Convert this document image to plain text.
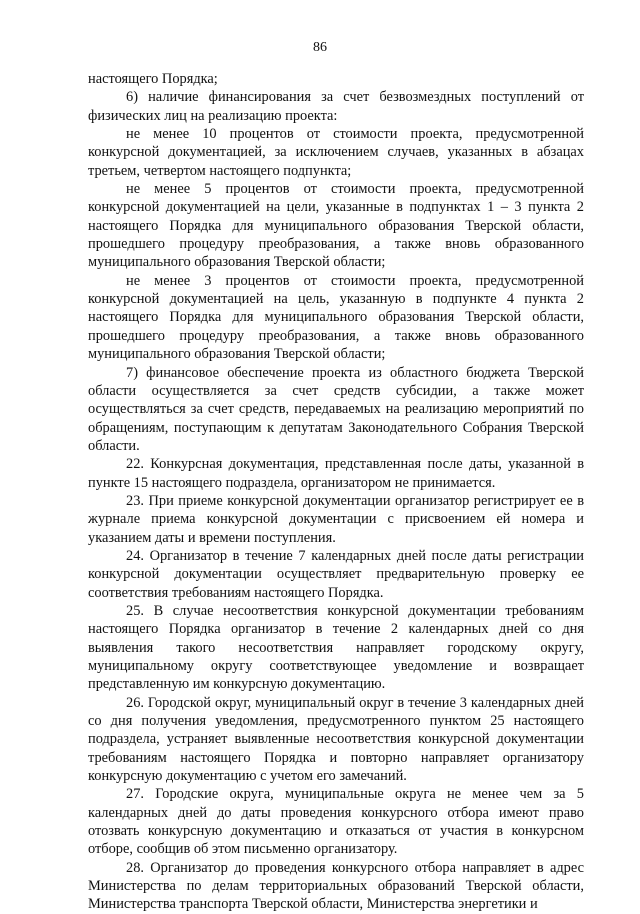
86

настоящего Порядка;

6) наличие финансирования за счет безвозмездных поступлений от физических лиц на реализацию проекта:

не менее 10 процентов от стоимости проекта, предусмотренной конкурсной документацией, за исключением случаев, указанных в абзацах третьем, четвертом настоящего подпункта;

не менее 5 процентов от стоимости проекта, предусмотренной конкурсной документацией на цели, указанные в подпунктах 1 – 3 пункта 2 настоящего Порядка для муниципального образования Тверской области, прошедшего процедуру преобразования, а также вновь образованного муниципального образования Тверской области;

не менее 3 процентов от стоимости проекта, предусмотренной конкурсной документацией на цель, указанную в подпункте 4 пункта 2 настоящего Порядка для муниципального образования Тверской области, прошедшего процедуру преобразования, а также вновь образованного муниципального образования Тверской области;

7) финансовое обеспечение проекта из областного бюджета Тверской области осуществляется за счет средств субсидии, а также может осуществляться за счет средств, передаваемых на реализацию мероприятий по обращениям, поступающим к депутатам Законодательного Собрания Тверской области.

22. Конкурсная документация, представленная после даты, указанной в пункте 15 настоящего подраздела, организатором не принимается.

23. При приеме конкурсной документации организатор регистрирует ее в журнале приема конкурсной документации с присвоением ей номера и указанием даты и времени поступления.

24. Организатор в течение 7 календарных дней после даты регистрации конкурсной документации осуществляет предварительную проверку ее соответствия требованиям настоящего Порядка.

25. В случае несоответствия конкурсной документации требованиям настоящего Порядка организатор в течение 2 календарных дней со дня выявления такого несоответствия направляет городскому округу, муниципальному округу соответствующее уведомление и возвращает представленную им конкурсную документацию.

26. Городской округ, муниципальный округ в течение 3 календарных дней со дня получения уведомления, предусмотренного пунктом 25 настоящего подраздела, устраняет выявленные несоответствия конкурсной документации требованиям настоящего Порядка и повторно направляет организатору конкурсную документацию с учетом его замечаний.

27. Городские округа, муниципальные округа не менее чем за 5 календарных дней до даты проведения конкурсного отбора имеют право отозвать конкурсную документацию и отказаться от участия в конкурсном отборе, сообщив об этом письменно организатору.

28. Организатор до проведения конкурсного отбора направляет в адрес Министерства по делам территориальных образований Тверской области, Министерства транспорта Тверской области, Министерства энергетики и
